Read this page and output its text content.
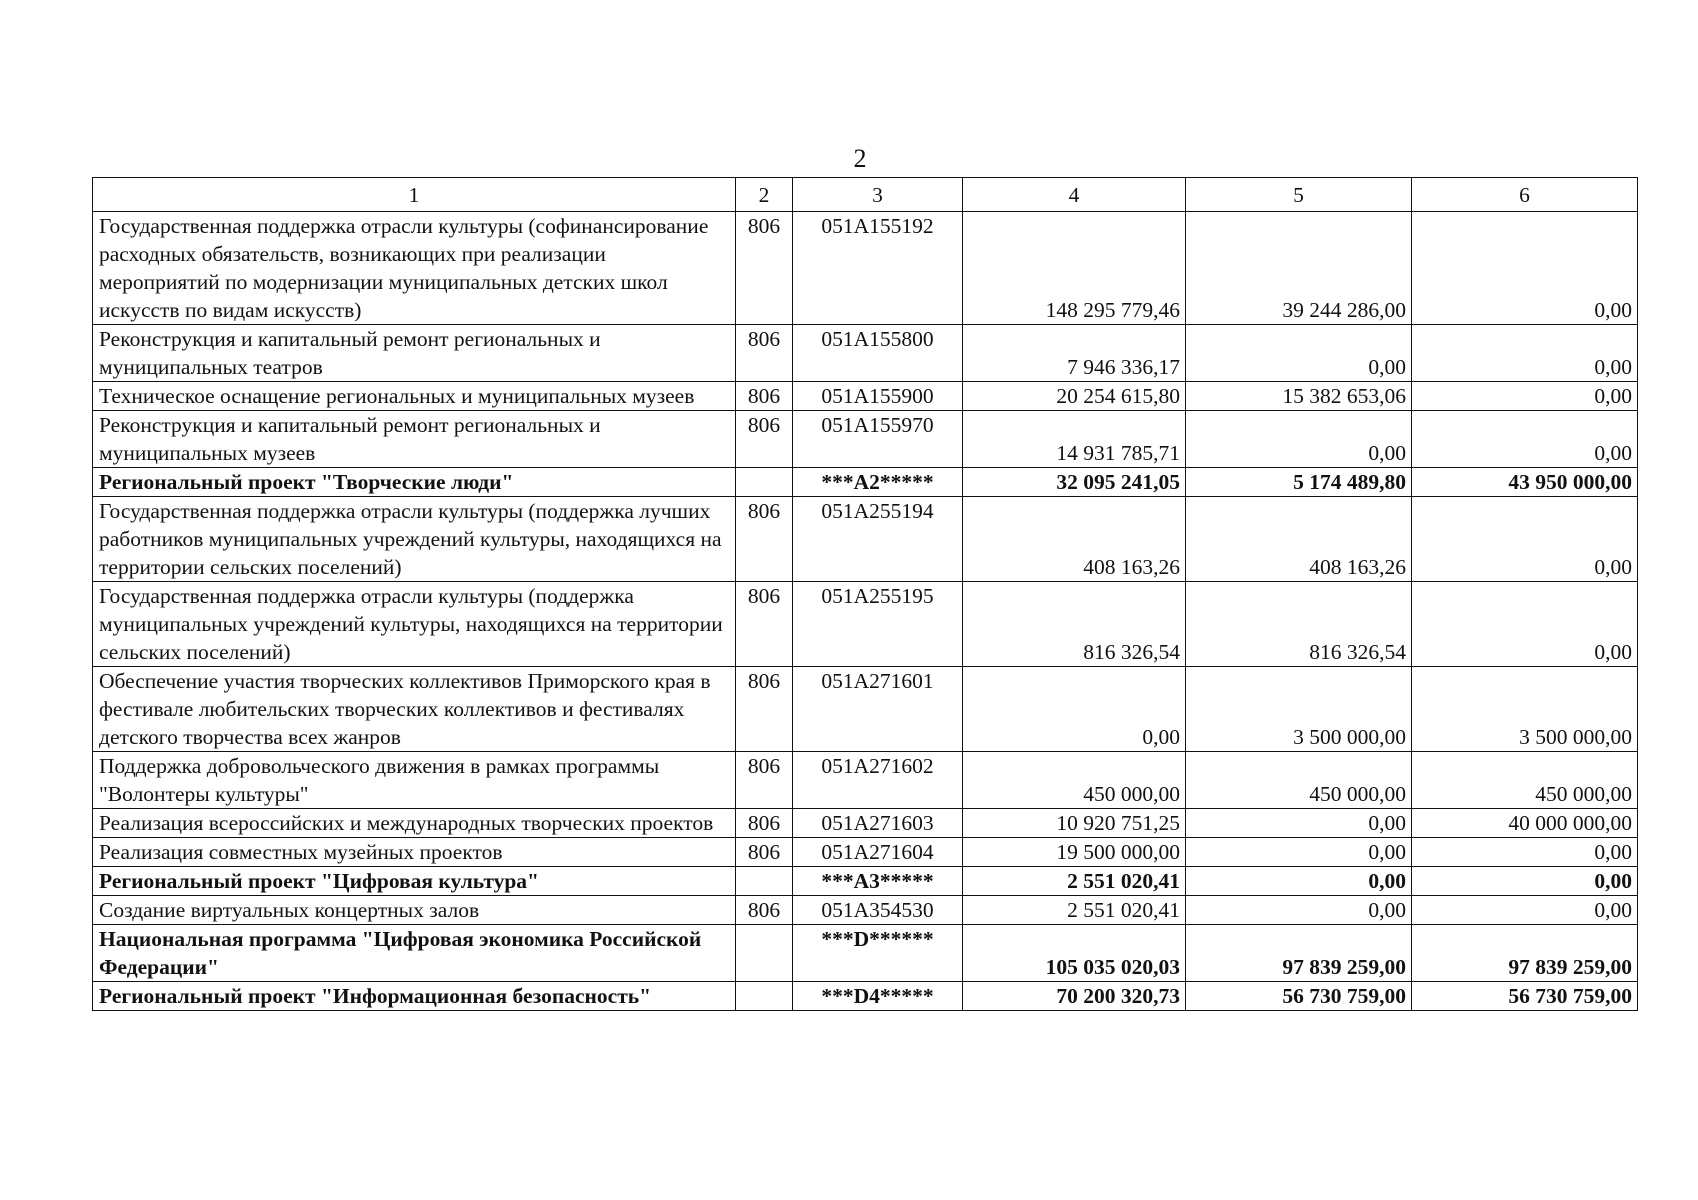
2
1	2	3	4	5	6
Государственная поддержка отрасли культуры (софинансирование расходных обязательств, возникающих при реализации мероприятий по модернизации муниципальных детских школ искусств по видам искусств)	806	051A155192	148 295 779,46	39 244 286,00	0,00
Реконструкция и капитальный ремонт региональных и муниципальных театров	806	051A155800	7 946 336,17	0,00	0,00
Техническое оснащение региональных и муниципальных музеев	806	051A155900	20 254 615,80	15 382 653,06	0,00
Реконструкция и капитальный ремонт региональных и муниципальных музеев	806	051A155970	14 931 785,71	0,00	0,00
Региональный проект "Творческие люди"		***A2*****	32 095 241,05	5 174 489,80	43 950 000,00
Государственная поддержка отрасли культуры (поддержка лучших работников муниципальных учреждений культуры, находящихся на территории сельских поселений)	806	051A255194	408 163,26	408 163,26	0,00
Государственная поддержка отрасли культуры (поддержка муниципальных учреждений культуры, находящихся на территории сельских поселений)	806	051A255195	816 326,54	816 326,54	0,00
Обеспечение участия творческих коллективов Приморского края в фестивале любительских творческих коллективов и фестивалях детского творчества всех жанров	806	051A271601	0,00	3 500 000,00	3 500 000,00
Поддержка добровольческого движения в рамках программы "Волонтеры культуры"	806	051A271602	450 000,00	450 000,00	450 000,00
Реализация всероссийских и международных творческих проектов	806	051A271603	10 920 751,25	0,00	40 000 000,00
Реализация совместных музейных проектов	806	051A271604	19 500 000,00	0,00	0,00
Региональный проект "Цифровая культура"		***A3*****	2 551 020,41	0,00	0,00
Создание виртуальных концертных залов	806	051A354530	2 551 020,41	0,00	0,00
Национальная программа "Цифровая экономика Российской Федерации"		***D******	105 035 020,03	97 839 259,00	97 839 259,00
Региональный проект "Информационная безопасность"		***D4*****	70 200 320,73	56 730 759,00	56 730 759,00
